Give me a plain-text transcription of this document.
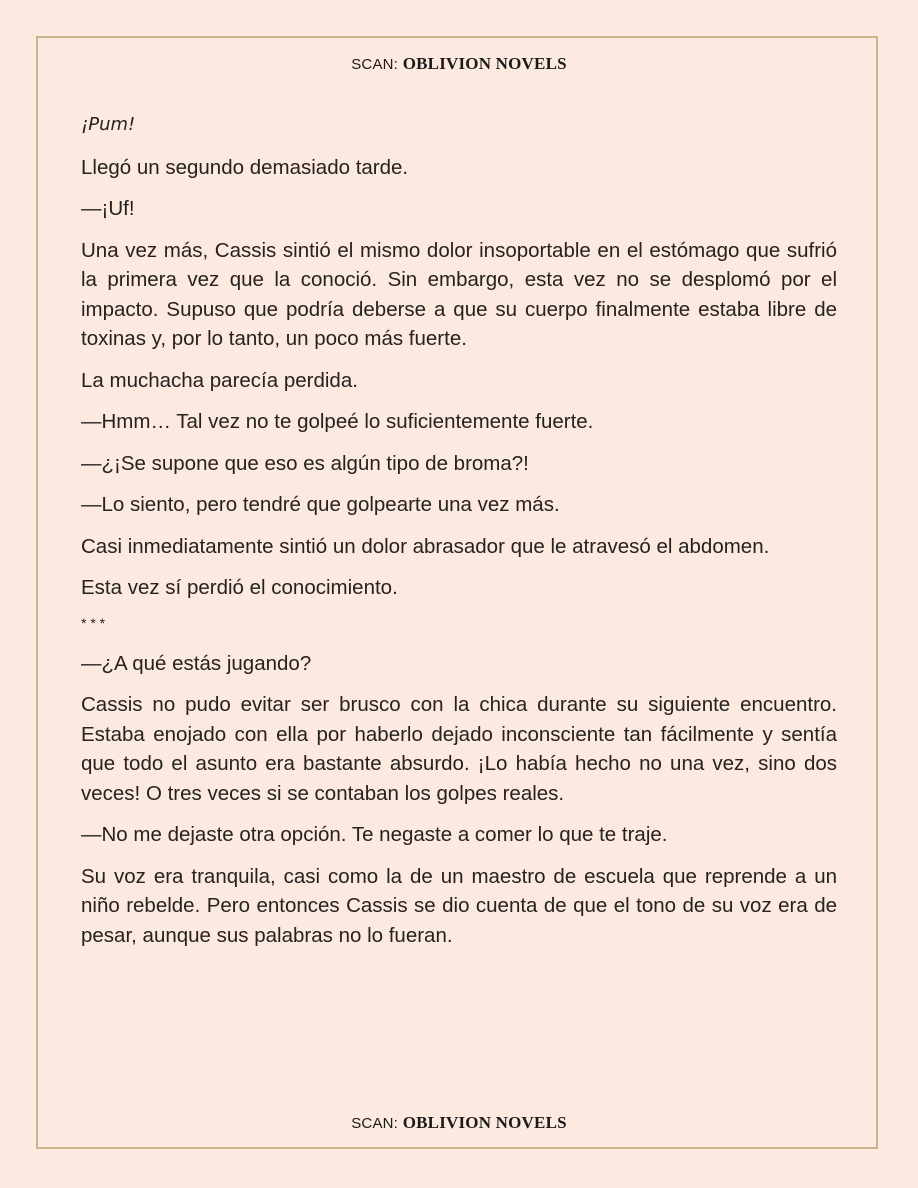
SCAN: OBLIVION NOVELS

¡Pum!

Llegó un segundo demasiado tarde.

—¡Uf!

Una vez más, Cassis sintió el mismo dolor insoportable en el estómago que sufrió la primera vez que la conoció. Sin embargo, esta vez no se desplomó por el impacto. Supuso que podría deberse a que su cuerpo finalmente estaba libre de toxinas y, por lo tanto, un poco más fuerte.

La muchacha parecía perdida.

—Hmm… Tal vez no te golpeé lo suficientemente fuerte.

—¿¡Se supone que eso es algún tipo de broma?!

—Lo siento, pero tendré que golpearte una vez más.

Casi inmediatamente sintió un dolor abrasador que le atravesó el abdomen.

Esta vez sí perdió el conocimiento.

* * *

—¿A qué estás jugando?

Cassis no pudo evitar ser brusco con la chica durante su siguiente encuentro. Estaba enojado con ella por haberlo dejado inconsciente tan fácilmente y sentía que todo el asunto era bastante absurdo. ¡Lo había hecho no una vez, sino dos veces! O tres veces si se contaban los golpes reales.

—No me dejaste otra opción. Te negaste a comer lo que te traje.

Su voz era tranquila, casi como la de un maestro de escuela que reprende a un niño rebelde. Pero entonces Cassis se dio cuenta de que el tono de su voz era de pesar, aunque sus palabras no lo fueran.

SCAN: OBLIVION NOVELS
